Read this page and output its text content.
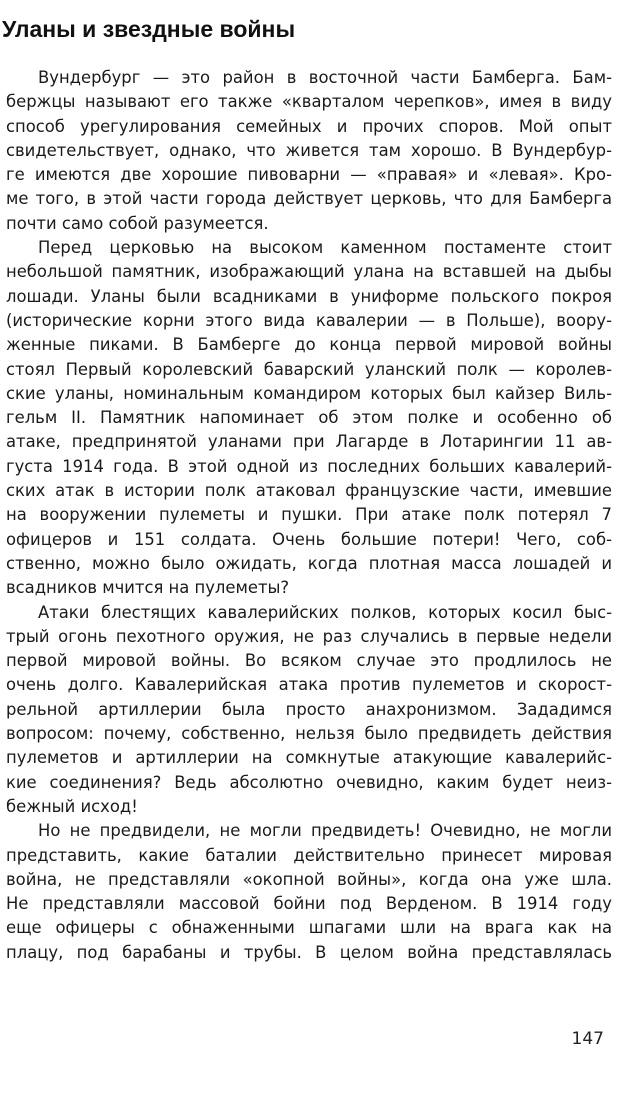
Уланы и звездные войны
Вундербург — это район в восточной части Бамберга. Бам-
бержцы называют его также «кварталом черепков», имея в виду
способ урегулирования семейных и прочих споров. Мой опыт
свидетельствует, однако, что живется там хорошо. В Вундербур-
ге имеются две хорошие пивоварни — «правая» и «левая». Кро-
ме того, в этой части города действует церковь, что для Бамберга
почти само собой разумеется.
Перед церковью на высоком каменном постаменте стоит
небольшой памятник, изображающий улана на вставшей на дыбы
лошади. Уланы были всадниками в униформе польского покроя
(исторические корни этого вида кавалерии — в Польше), воору-
женные пиками. В Бамберге до конца первой мировой войны
стоял Первый королевский баварский уланский полк — королев-
ские уланы, номинальным командиром которых был кайзер Виль-
гельм II. Памятник напоминает об этом полке и особенно об
атаке, предпринятой уланами при Лагарде в Лотарингии 11 ав-
густа 1914 года. В этой одной из последних больших кавалерий-
ских атак в истории полк атаковал французские части, имевшие
на вооружении пулеметы и пушки. При атаке полк потерял 7
офицеров и 151 солдата. Очень большие потери! Чего, соб-
ственно, можно было ожидать, когда плотная масса лошадей и
всадников мчится на пулеметы?
Атаки блестящих кавалерийских полков, которых косил быс-
трый огонь пехотного оружия, не раз случались в первые недели
первой мировой войны. Во всяком случае это продлилось не
очень долго. Кавалерийская атака против пулеметов и скорост-
рельной артиллерии была просто анахронизмом. Зададимся
вопросом: почему, собственно, нельзя было предвидеть действия
пулеметов и артиллерии на сомкнутые атакующие кавалерийс-
кие соединения? Ведь абсолютно очевидно, каким будет неиз-
бежный исход!
Но не предвидели, не могли предвидеть! Очевидно, не могли
представить, какие баталии действительно принесет мировая
война, не представляли «окопной войны», когда она уже шла.
Не представляли массовой бойни под Верденом. В 1914 году
еще офицеры с обнаженными шпагами шли на врага как на
плацу, под барабаны и трубы. В целом война представлялась
147
